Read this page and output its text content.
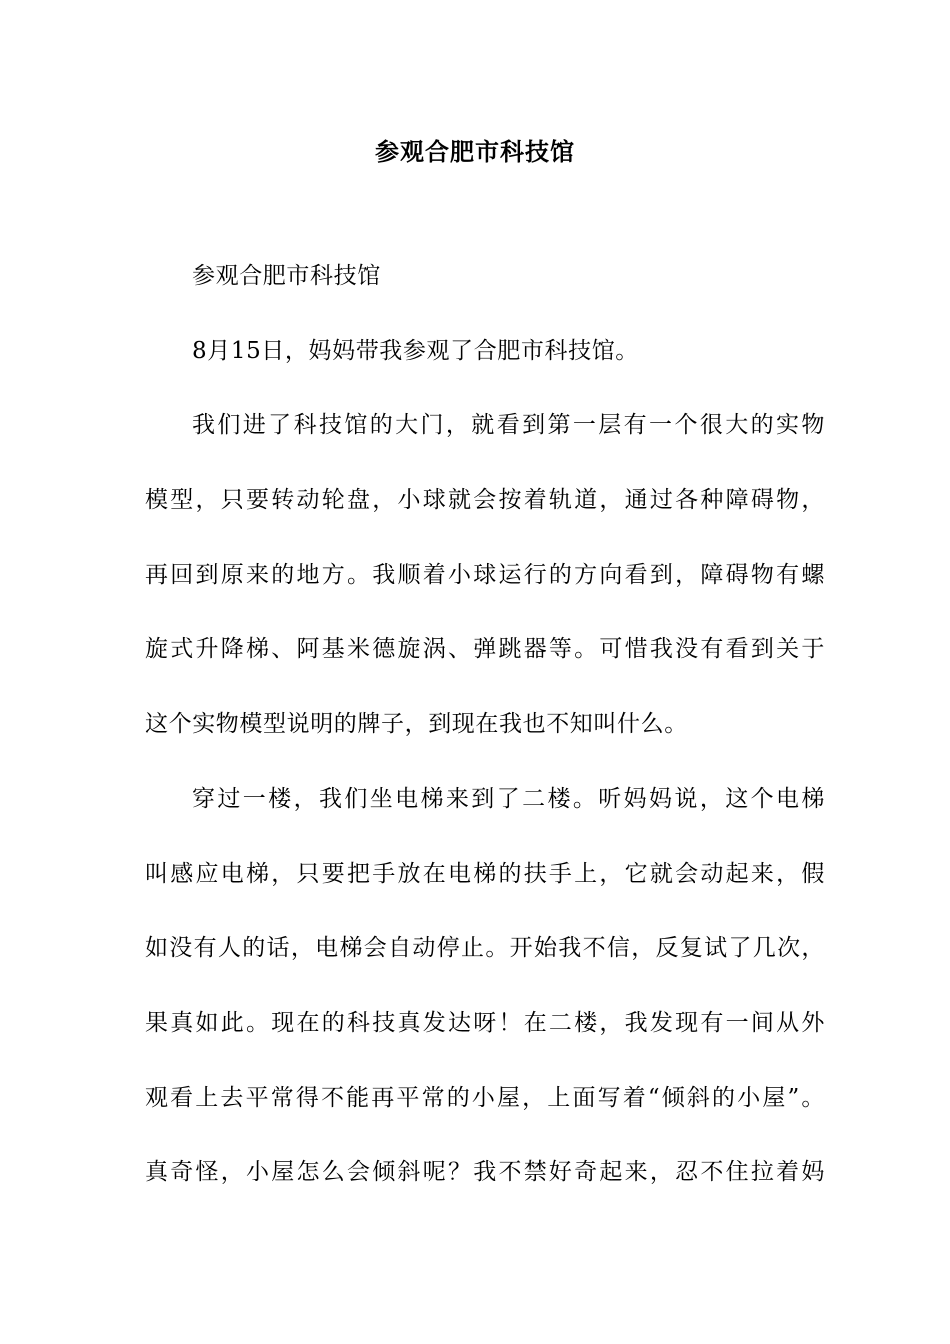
参观合肥市科技馆
参观合肥市科技馆
8月15日，妈妈带我参观了合肥市科技馆。
我们进了科技馆的大门，就看到第一层有一个很大的实物
模型，只要转动轮盘，小球就会按着轨道，通过各种障碍物，
再回到原来的地方。我顺着小球运行的方向看到，障碍物有螺
旋式升降梯、阿基米德旋涡、弹跳器等。可惜我没有看到关于
这个实物模型说明的牌子，到现在我也不知叫什么。
穿过一楼，我们坐电梯来到了二楼。听妈妈说，这个电梯
叫感应电梯，只要把手放在电梯的扶手上，它就会动起来，假
如没有人的话，电梯会自动停止。开始我不信，反复试了几次，
果真如此。现在的科技真发达呀！在二楼，我发现有一间从外
观看上去平常得不能再平常的小屋，上面写着“倾斜的小屋”。
真奇怪，小屋怎么会倾斜呢？我不禁好奇起来，忍不住拉着妈
